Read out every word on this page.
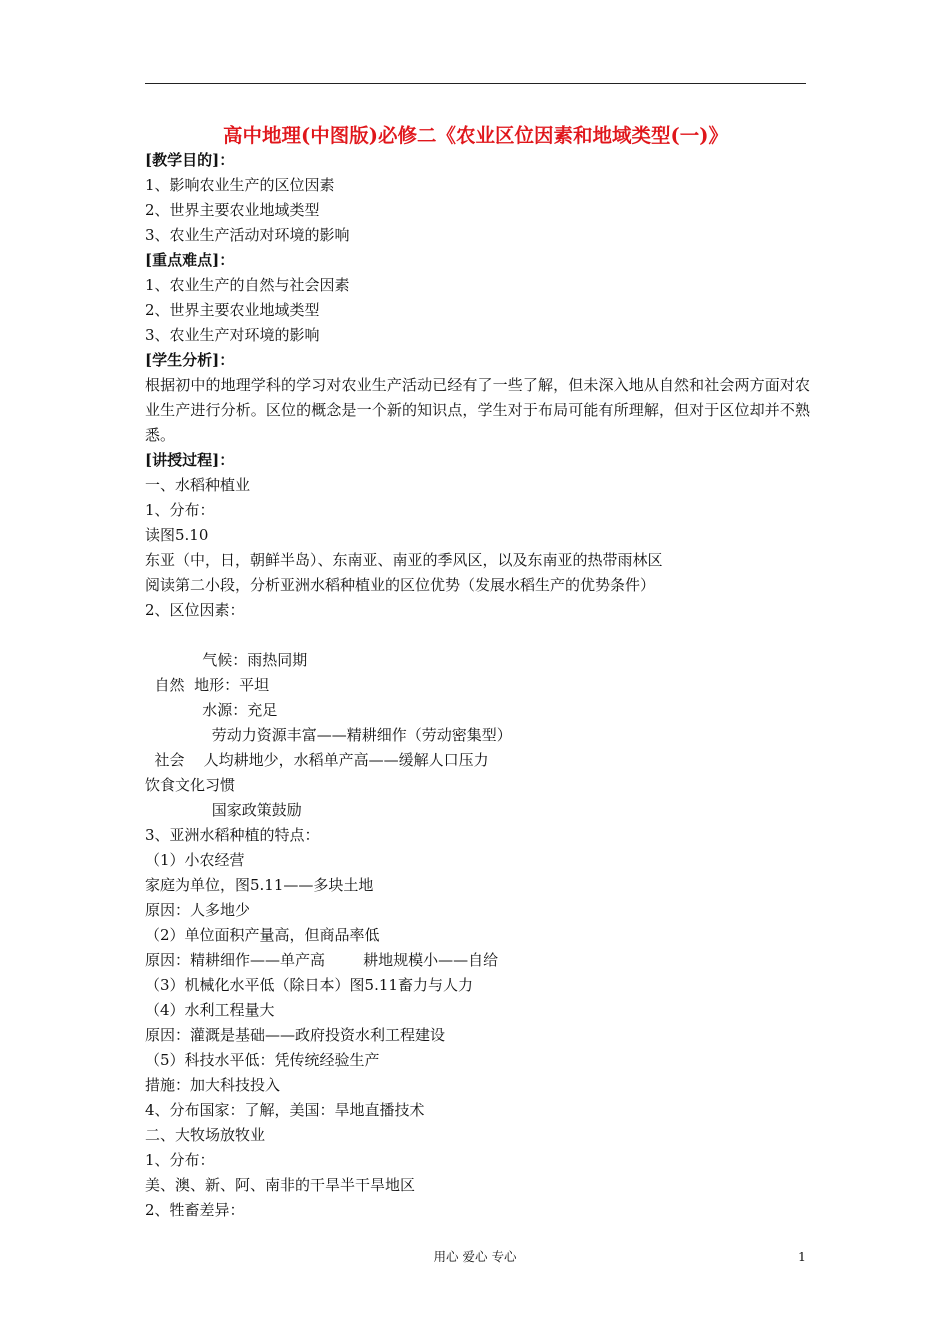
高中地理(中图版)必修二《农业区位因素和地域类型(一)》
[教学目的]：
1、影响农业生产的区位因素
2、世界主要农业地域类型
3、农业生产活动对环境的影响
[重点难点]：
1、农业生产的自然与社会因素
2、世界主要农业地域类型
3、农业生产对环境的影响
[学生分析]：
根据初中的地理学科的学习对农业生产活动已经有了一些了解，但未深入地从自然和社会两方面对农业生产进行分析。区位的概念是一个新的知识点，学生对于布局可能有所理解，但对于区位却并不熟悉。
[讲授过程]：
一、水稻种植业
1、分布：
读图5.10
东亚（中，日，朝鲜半岛）、东南亚、南亚的季风区，以及东南亚的热带雨林区
阅读第二小段，分析亚洲水稻种植业的区位优势（发展水稻生产的优势条件）
2、区位因素：
气候：雨热同期
自然  地形：平坦
水源：充足
劳动力资源丰富——精耕细作（劳动密集型）
社会    人均耕地少，水稻单产高——缓解人口压力
饮食文化习惯
国家政策鼓励
3、亚洲水稻种植的特点：
（1）小农经营
家庭为单位，图5.11——多块土地
原因：人多地少
（2）单位面积产量高，但商品率低
原因：精耕细作——单产高        耕地规模小——自给
（3）机械化水平低（除日本）图5.11畜力与人力
（4）水利工程量大
原因：灌溉是基础——政府投资水利工程建设
（5）科技水平低：凭传统经验生产
措施：加大科技投入
4、分布国家：了解，美国：旱地直播技术
二、大牧场放牧业
1、分布：
美、澳、新、阿、南非的干旱半干旱地区
2、牲畜差异：
用心 爱心 专心	1
